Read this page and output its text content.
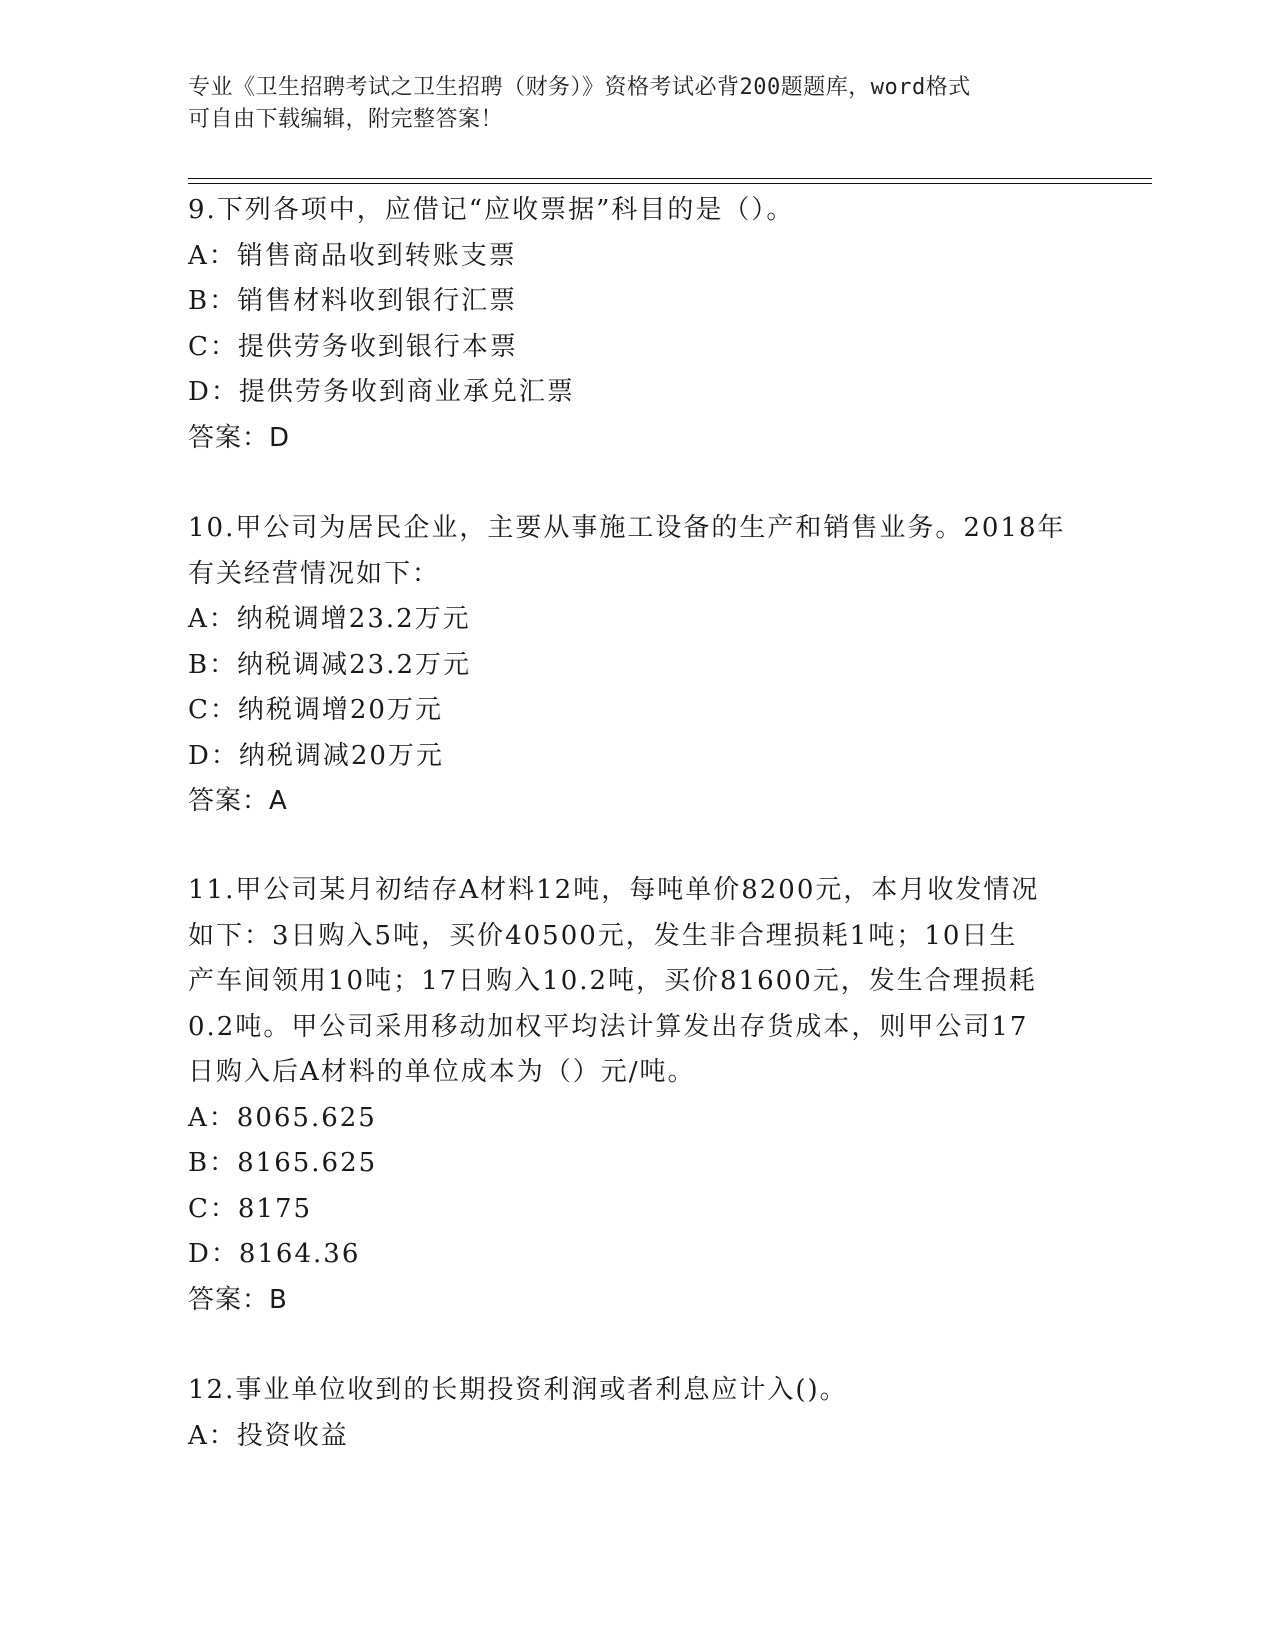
专业《卫生招聘考试之卫生招聘（财务）》资格考试必背200题题库，word格式
可自由下载编辑，附完整答案！
9.下列各项中，应借记“应收票据”科目的是（）。
A：销售商品收到转账支票
B：销售材料收到银行汇票
C：提供劳务收到银行本票
D：提供劳务收到商业承兑汇票
答案：D
10.甲公司为居民企业，主要从事施工设备的生产和销售业务。2018年
有关经营情况如下：
A：纳税调增23.2万元
B：纳税调减23.2万元
C：纳税调增20万元
D：纳税调减20万元
答案：A
11.甲公司某月初结存A材料12吨，每吨单价8200元，本月收发情况
如下：3日购入5吨，买价40500元，发生非合理损耗1吨；10日生
产车间领用10吨；17日购入10.2吨，买价81600元，发生合理损耗
0.2吨。甲公司采用移动加权平均法计算发出存货成本，则甲公司17
日购入后A材料的单位成本为（）元/吨。
A：8065.625
B：8165.625
C：8175
D：8164.36
答案：B
12.事业单位收到的长期投资利润或者利息应计入()。
A：投资收益
